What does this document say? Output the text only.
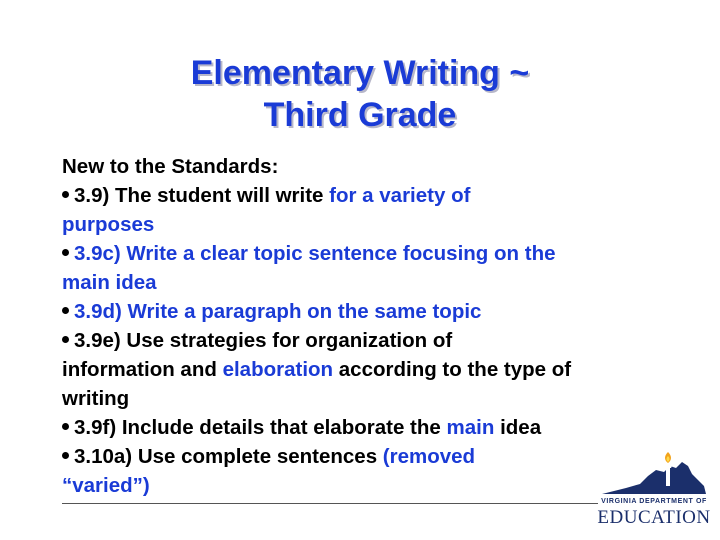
Elementary Writing ~
Third Grade
New to the Standards:
3.9) The student will write for a variety of
purposes
3.9c) Write a clear topic sentence focusing on the
main idea
3.9d) Write a paragraph on the same topic
3.9e) Use strategies for organization of
information and elaboration according to the type of
writing
3.9f) Include details that elaborate the main idea
3.10a) Use complete sentences (removed
“varied”)
VIRGINIA DEPARTMENT OF
EDUCATION
